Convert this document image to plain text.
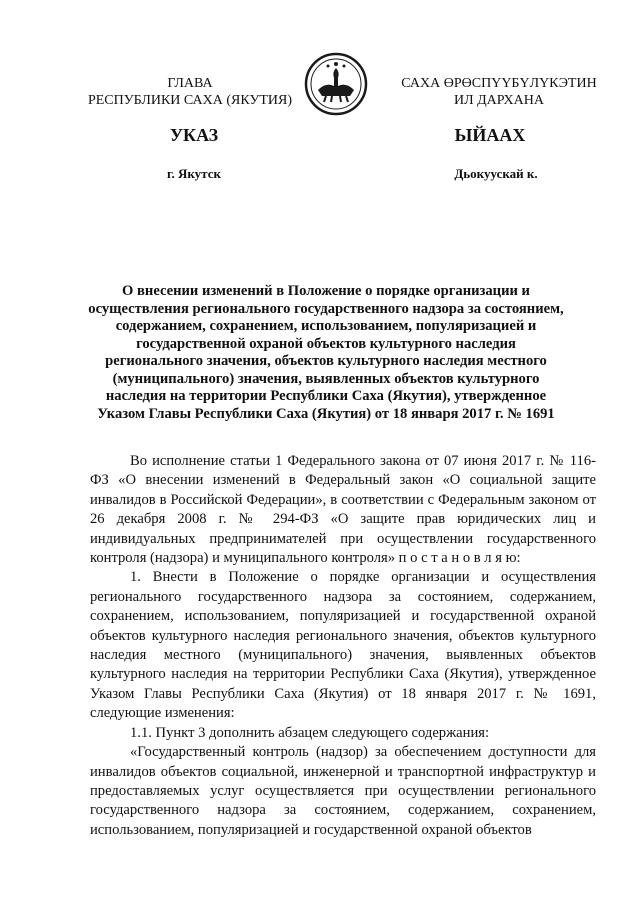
ГЛАВА
РЕСПУБЛИКИ САХА (ЯКУТИЯ)
САХА ӨРӨСПҮҮБҮЛҮКЭТИН
ИЛ ДАРХАНА
УКАЗ	ЫЙААХ
г. Якутск	Дьокуускай к.
О внесении изменений в Положение о порядке организации и осуществления регионального государственного надзора за состоянием, содержанием, сохранением, использованием, популяризацией и государственной охраной объектов культурного наследия регионального значения, объектов культурного наследия местного (муниципального) значения, выявленных объектов культурного наследия на территории Республики Саха (Якутия), утвержденное Указом Главы Республики Саха (Якутия) от 18 января 2017 г. № 1691

Во исполнение статьи 1 Федерального закона от 07 июня 2017 г. № 116-ФЗ «О внесении изменений в Федеральный закон «О социальной защите инвалидов в Российской Федерации», в соответствии с Федеральным законом от 26 декабря 2008 г. № 294-ФЗ «О защите прав юридических лиц и индивидуальных предпринимателей при осуществлении государственного контроля (надзора) и муниципального контроля» п о с т а н о в л я ю:

1. Внести в Положение о порядке организации и осуществления регионального государственного надзора за состоянием, содержанием, сохранением, использованием, популяризацией и государственной охраной объектов культурного наследия регионального значения, объектов культурного наследия местного (муниципального) значения, выявленных объектов культурного наследия на территории Республики Саха (Якутия), утвержденное Указом Главы Республики Саха (Якутия) от 18 января 2017 г. № 1691, следующие изменения:

1.1. Пункт 3 дополнить абзацем следующего содержания:

«Государственный контроль (надзор) за обеспечением доступности для инвалидов объектов социальной, инженерной и транспортной инфраструктур и предоставляемых услуг осуществляется при осуществлении регионального государственного надзора за состоянием, содержанием, сохранением, использованием, популяризацией и государственной охраной объектов
